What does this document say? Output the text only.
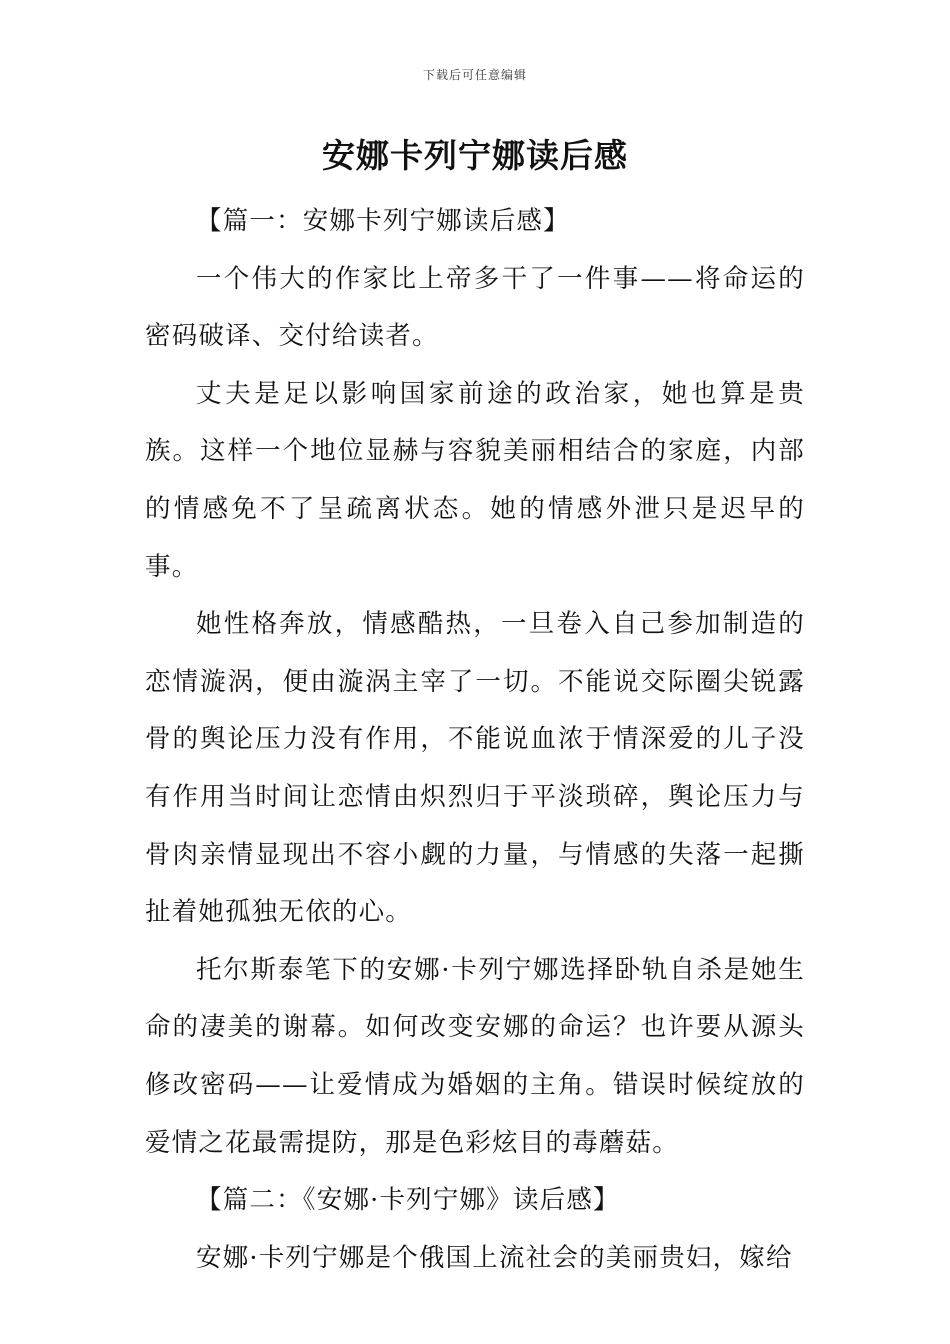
下载后可任意编辑
安娜卡列宁娜读后感

【篇一：安娜卡列宁娜读后感】

一个伟大的作家比上帝多干了一件事——将命运的密码破译、交付给读者。

丈夫是足以影响国家前途的政治家，她也算是贵族。这样一个地位显赫与容貌美丽相结合的家庭，内部的情感免不了呈疏离状态。她的情感外泄只是迟早的事。

她性格奔放，情感酷热，一旦卷入自己参加制造的恋情漩涡，便由漩涡主宰了一切。不能说交际圈尖锐露骨的舆论压力没有作用，不能说血浓于情深爱的儿子没有作用当时间让恋情由炽烈归于平淡琐碎，舆论压力与骨肉亲情显现出不容小觑的力量，与情感的失落一起撕扯着她孤独无依的心。

托尔斯泰笔下的安娜·卡列宁娜选择卧轨自杀是她生命的凄美的谢幕。如何改变安娜的命运？也许要从源头修改密码——让爱情成为婚姻的主角。错误时候绽放的爱情之花最需提防，那是色彩炫目的毒蘑菇。

【篇二：《安娜·卡列宁娜》读后感】

安娜·卡列宁娜是个俄国上流社会的美丽贵妇，嫁给
